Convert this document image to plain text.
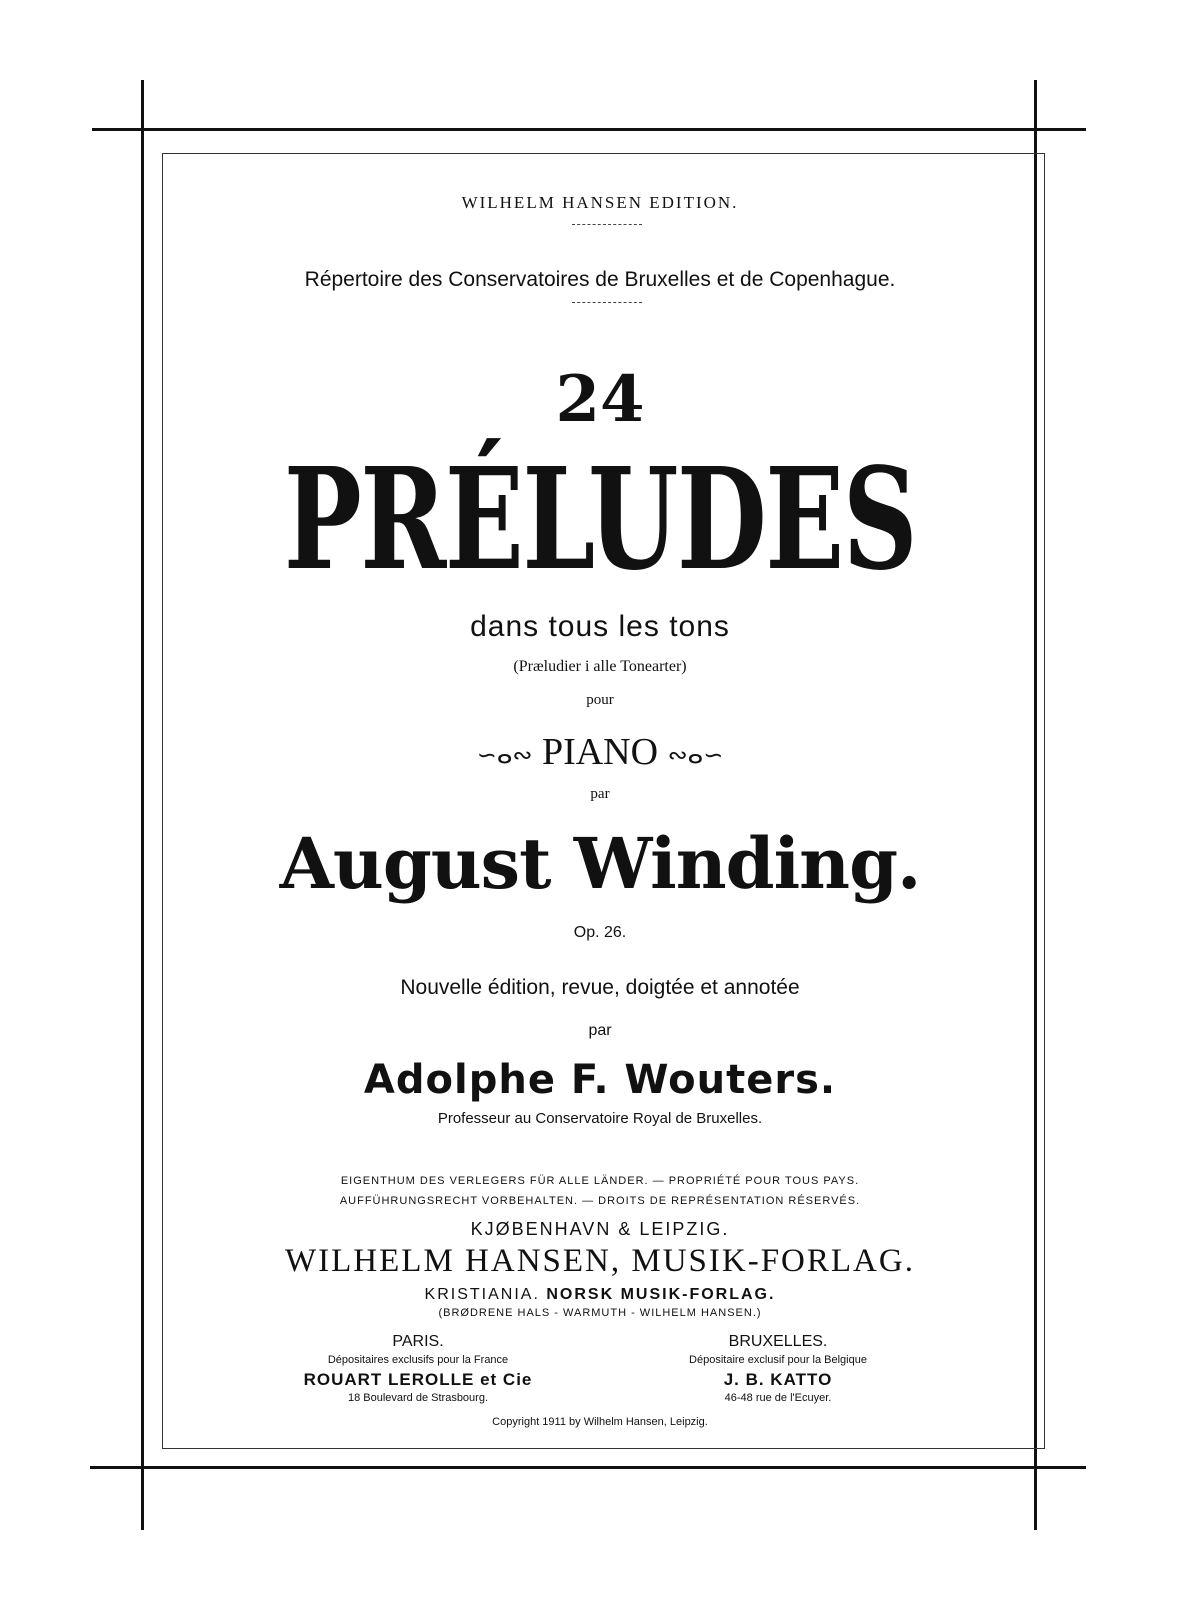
WILHELM HANSEN EDITION.
Répertoire des Conservatoires de Bruxelles et de Copenhague.
24
PRÉLUDES
dans tous les tons
(Præludier i alle Tonearter)
pour
∽ⴰ∾ PIANO ∾ⴰ∽
par
August Winding.
Op. 26.
Nouvelle édition, revue, doigtée et annotée
par
Adolphe F. Wouters.
Professeur au Conservatoire Royal de Bruxelles.
EIGENTHUM DES VERLEGERS FÜR ALLE LÄNDER. — PROPRIÉTÉ POUR TOUS PAYS.
AUFFÜHRUNGSRECHT VORBEHALTEN. — DROITS DE REPRÉSENTATION RÉSERVÉS.
KJØBENHAVN & LEIPZIG.
WILHELM HANSEN, MUSIK-FORLAG.
KRISTIANIA. NORSK MUSIK-FORLAG.
(BRØDRENE HALS - WARMUTH - WILHELM HANSEN.)
PARIS.
Dépositaires exclusifs pour la France
ROUART LEROLLE et Cie
18 Boulevard de Strasbourg.
BRUXELLES.
Dépositaire exclusif pour la Belgique
J. B. KATTO
46-48 rue de l'Ecuyer.
Copyright 1911 by Wilhelm Hansen, Leipzig.
